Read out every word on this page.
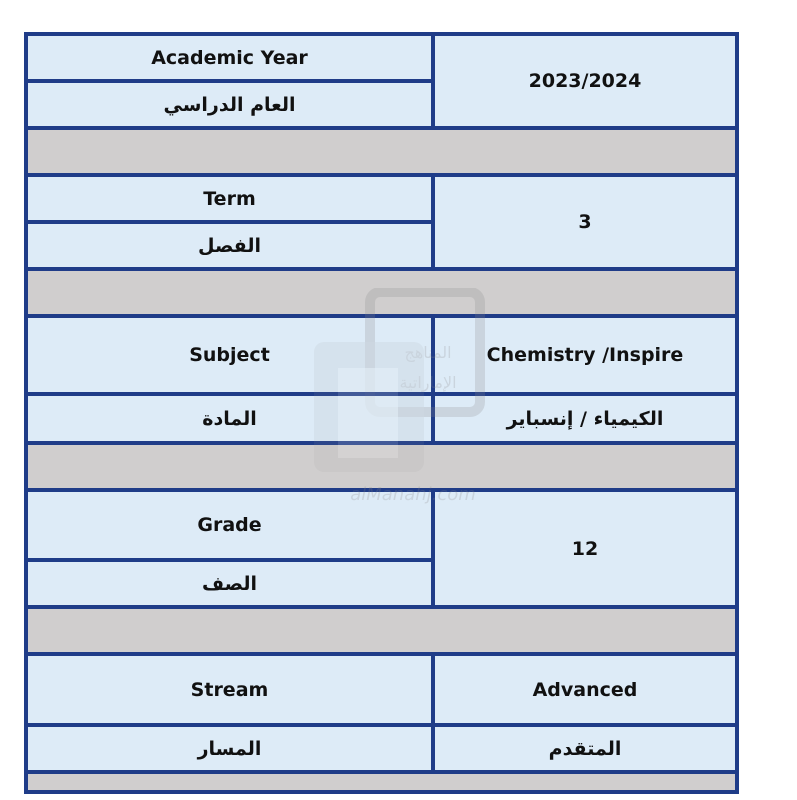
Academic Year	2023/2024
العام الدراسي	

Term	3
الفصل	

Subject	Chemistry /Inspire
المادة	الكيمياء / إنسباير

Grade	12
الصف	

Stream	Advanced
المسار	المتقدم

المناهج
الإماراتية
alManahj.com
